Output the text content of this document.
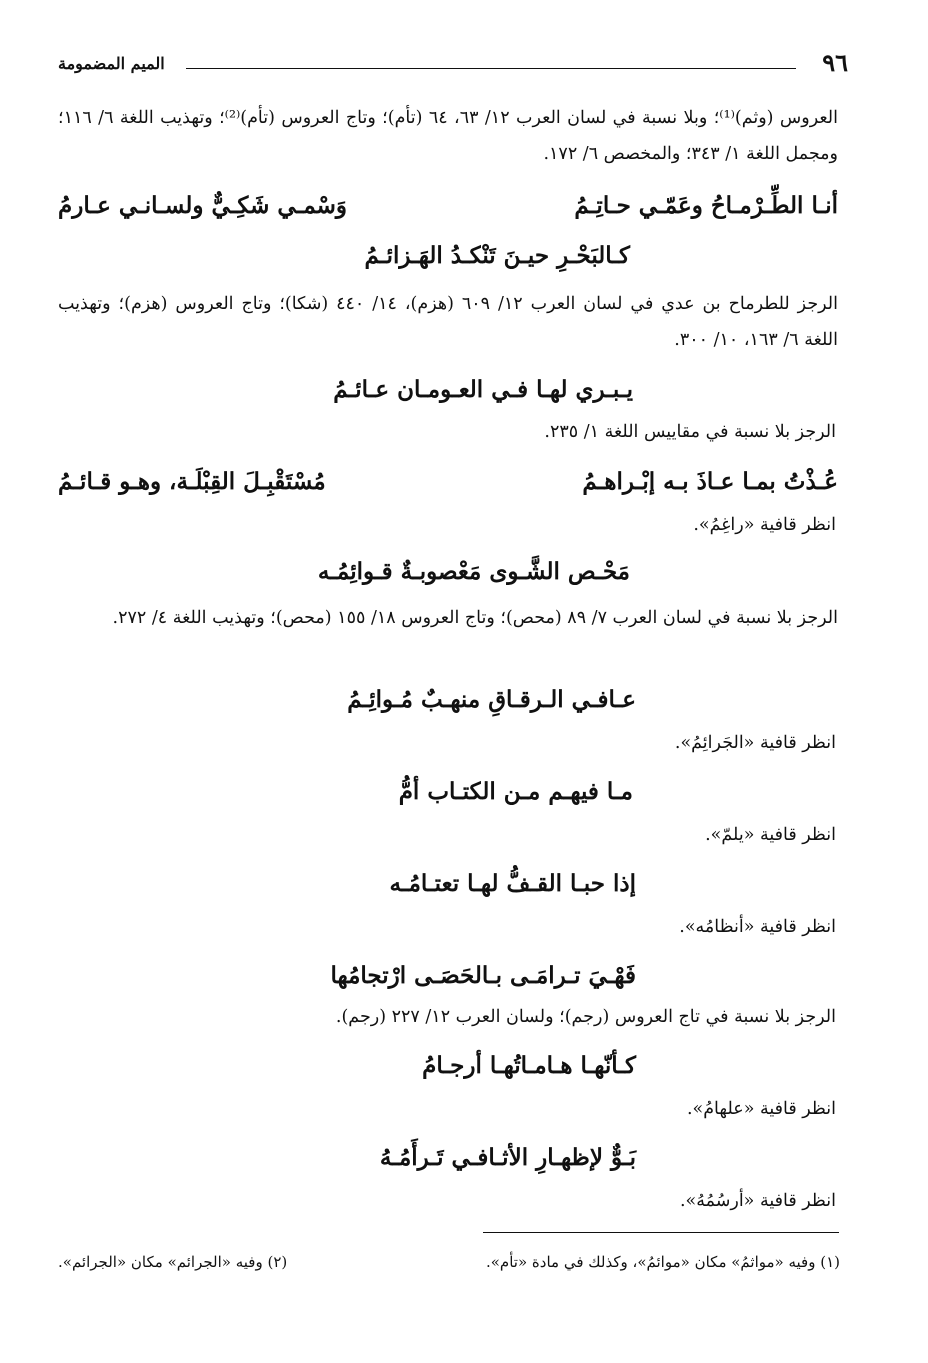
٩٦
الميم المضمومة
العروس (وثم)⁽¹⁾؛ وبلا نسبة في لسان العرب ١٢/ ٦٣، ٦٤ (تأم)؛ وتاج العروس (تأم)⁽²⁾؛ وتهذيب اللغة ٦/ ١١٦؛ ومجمل اللغة ١/ ٣٤٣؛ والمخصص ٦/ ١٧٢.
أنـا الطِّـرْمـاحُ وعَمّـي حـاتِـمُ
وَسْمـي شَكِـيٌّ ولسـانـي عـارمُ
كـالبَحْـرِ حيـنَ تَنْكـدُ الهَـزائـمُ
الرجز للطرماح بن عدي في لسان العرب ١٢/ ٦٠٩ (هزم)، ١٤/ ٤٤٠ (شكا)؛ وتاج العروس (هزم)؛ وتهذيب اللغة ٦/ ١٦٣، ١٠/ ٣٠٠.
يـبـري لهـا فـي العـومـان عـائـمُ
الرجز بلا نسبة في مقاييس اللغة ١/ ٢٣٥.
عُـذْتُ بمـا عـاذَ بـه إبْـراهـمُ
مُسْتَقْبِـلَ القِبْلَـة، وهـو قـائـمُ
انظر قافية «راغِمُ».
مَحْـص الشَّـوى مَعْصوبـةٌ قـوائِمُـه
الرجز بلا نسبة في لسان العرب ٧/ ٨٩ (محص)؛ وتاج العروس ١٨/ ١٥٥ (محص)؛ وتهذيب اللغة ٤/ ٢٧٢.
عـافـي الـرقـاقِ منهـبٌ مُـوائِـمُ
انظر قافية «الجَرائِمُ».
مـا فيهـم مـن الكتـاب أمُّ
انظر قافية «يلمّ».
إذا حبـا القـفُّ لهـا تعتـامُـه
انظر قافية «أنظامُه».
فَهْـيَ تـرامَـى بـالحَصَـى ارْتجامُها
الرجز بلا نسبة في تاج العروس (رجم)؛ ولسان العرب ١٢/ ٢٢٧ (رجم).
كـأنّهـا هـامـاتُهـا أرجـامُ
انظر قافية «علهامُ».
بَـوٌّ لإظهـارِ الأثـافـي تَـرأَمُـهُ
انظر قافية «أرسُمُهُ».
(١) وفيه «مواثمُ» مكان «موائمُ»، وكذلك في مادة «تأم».
(٢) وفيه «الجرائم» مكان «الجرائم».
